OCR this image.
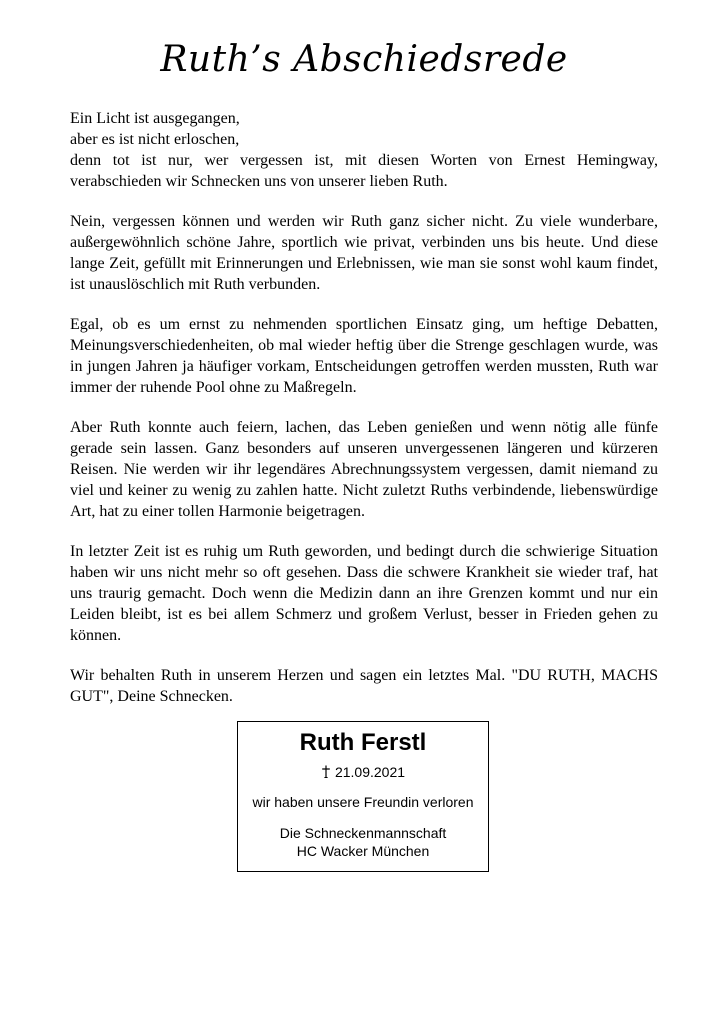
Ruth’s Abschiedsrede

Ein Licht ist ausgegangen,
aber es ist nicht erloschen,
denn tot ist nur, wer vergessen ist, mit diesen Worten von Ernest Hemingway, verabschieden wir Schnecken uns von unserer lieben Ruth.

Nein, vergessen können und werden wir Ruth ganz sicher nicht. Zu viele wunderbare, außergewöhnlich schöne Jahre, sportlich wie privat, verbinden uns bis heute. Und diese lange Zeit, gefüllt mit Erinnerungen und Erlebnissen, wie man sie sonst wohl kaum findet, ist unauslöschlich mit Ruth verbunden.

Egal, ob es um ernst zu nehmenden sportlichen Einsatz ging, um heftige Debatten, Meinungsverschiedenheiten, ob mal wieder heftig über die Strenge geschlagen wurde, was in jungen Jahren ja häufiger vorkam, Entscheidungen getroffen werden mussten, Ruth war immer der ruhende Pool ohne zu Maßregeln.

Aber Ruth konnte auch feiern, lachen, das Leben genießen und wenn nötig alle fünfe gerade sein lassen. Ganz besonders auf unseren unvergessenen längeren und kürzeren Reisen. Nie werden wir ihr legendäres Abrechnungssystem vergessen, damit niemand zu viel und keiner zu wenig zu zahlen hatte. Nicht zuletzt Ruths verbindende, liebenswürdige Art, hat zu einer tollen Harmonie beigetragen.

In letzter Zeit ist es ruhig um Ruth geworden, und bedingt durch die schwierige Situation haben wir uns nicht mehr so oft gesehen. Dass die schwere Krankheit sie wieder traf, hat uns traurig gemacht. Doch wenn die Medizin dann an ihre Grenzen kommt und nur ein Leiden bleibt, ist es bei allem Schmerz und großem Verlust, besser in Frieden gehen zu können.

Wir behalten Ruth in unserem Herzen und sagen ein letztes Mal. "DU RUTH, MACHS GUT", Deine Schnecken.

Ruth Ferstl
21.09.2021
wir haben unsere Freundin verloren
Die Schneckenmannschaft
HC Wacker München
